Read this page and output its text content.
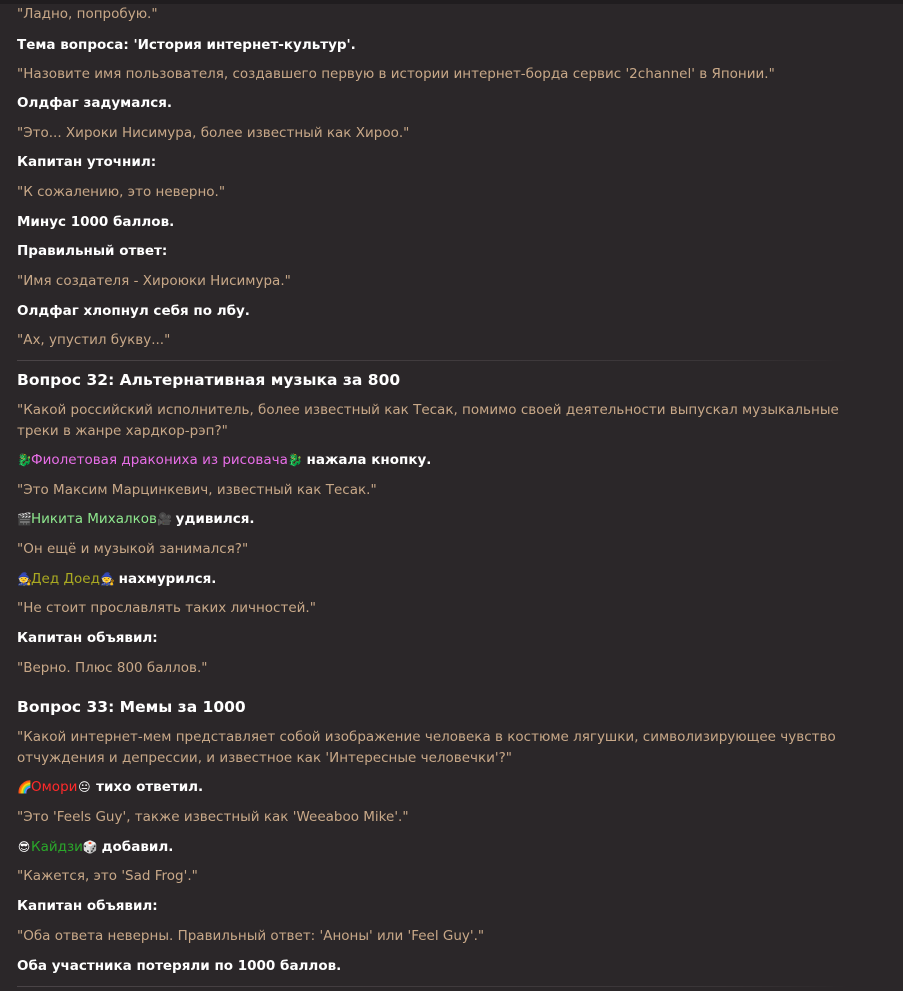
"Ладно, попробую."
Тема вопроса: 'История интернет-культур'.
"Назовите имя пользователя, создавшего первую в истории интернет-борда сервис '2channel' в Японии."
Олдфаг задумался.
"Это... Хироки Нисимура, более известный как Хироо."
Капитан уточнил:
"К сожалению, это неверно."
Минус 1000 баллов.
Правильный ответ:
"Имя создателя - Хироюки Нисимура."
Олдфаг хлопнул себя по лбу.
"Ах, упустил букву..."
Вопрос 32: Альтернативная музыка за 800
"Какой российский исполнитель, более известный как Тесак, помимо своей деятельности выпускал музыкальные треки в жанре хардкор-рэп?"
🐉Фиолетовая дракониха из рисовача🐉 нажала кнопку.
"Это Максим Марцинкевич, известный как Тесак."
🎬Никита Михалков🎥 удивился.
"Он ещё и музыкой занимался?"
🧙Дед Доед🧙 нахмурился.
"Не стоит прославлять таких личностей."
Капитан объявил:
"Верно. Плюс 800 баллов."
Вопрос 33: Мемы за 1000
"Какой интернет-мем представляет собой изображение человека в костюме лягушки, символизирующее чувство отчуждения и депрессии, и известное как 'Интересные человечки'?"
🌈Омори😐 тихо ответил.
"Это 'Feels Guy', также известный как 'Weeaboo Mike'."
😎Кайдзи🎲 добавил.
"Кажется, это 'Sad Frog'."
Капитан объявил:
"Оба ответа неверны. Правильный ответ: 'Аноны' или 'Feel Guy'."
Оба участника потеряли по 1000 баллов.
